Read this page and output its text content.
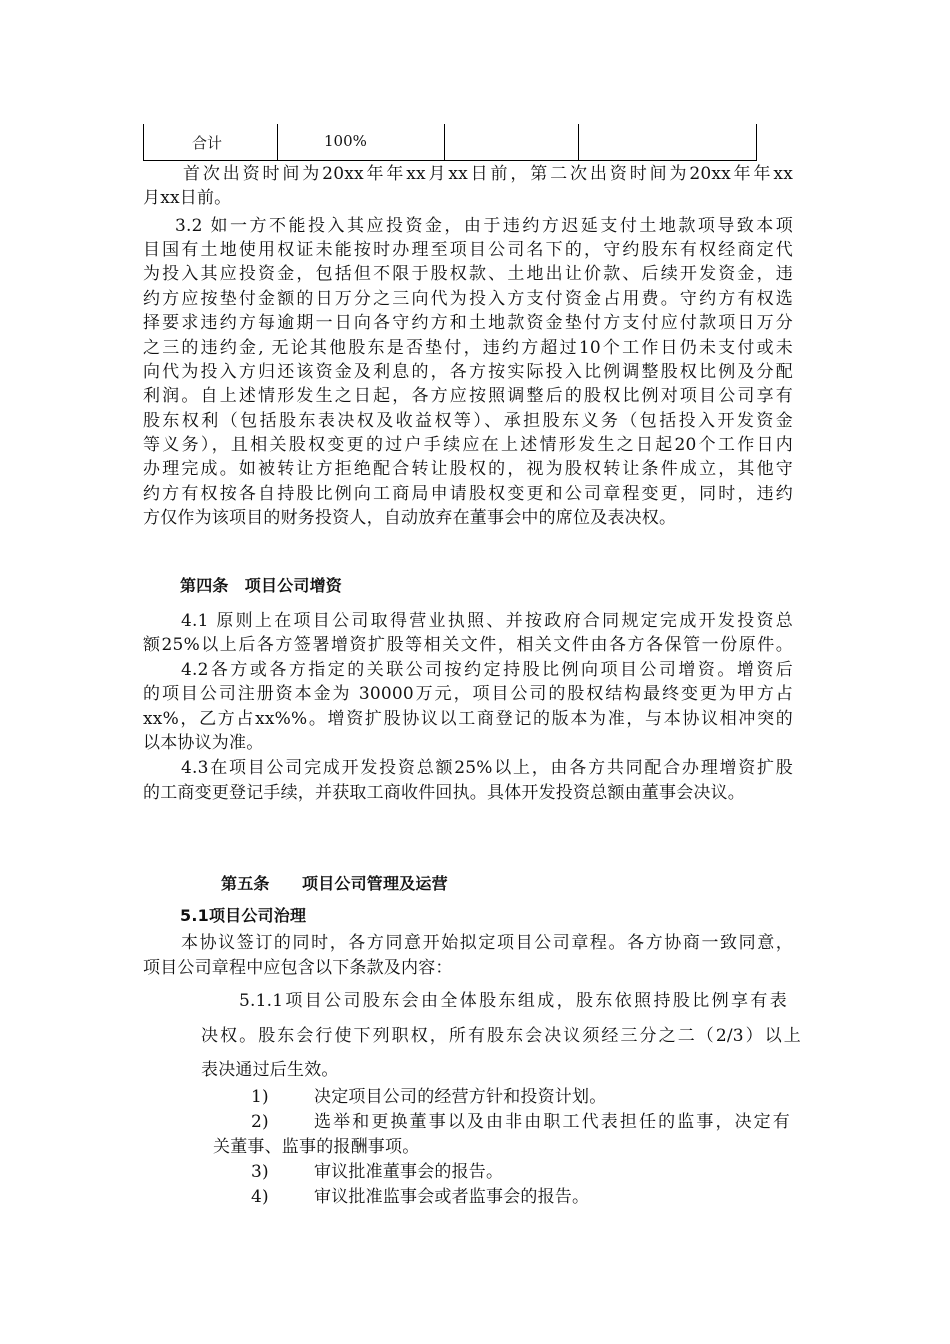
合计	100%
首次出资时间为20xx年年xx月xx日前，第二次出资时间为20xx年年xx
月xx日前。
3.2 如一方不能投入其应投资金，由于违约方迟延支付土地款项导致本项
目国有土地使用权证未能按时办理至项目公司名下的，守约股东有权经商定代
为投入其应投资金，包括但不限于股权款、土地出让价款、后续开发资金，违
约方应按垫付金额的日万分之三向代为投入方支付资金占用费。守约方有权选
择要求违约方每逾期一日向各守约方和土地款资金垫付方支付应付款项日万分
之三的违约金, 无论其他股东是否垫付，违约方超过10个工作日仍未支付或未
向代为投入方归还该资金及利息的，各方按实际投入比例调整股权比例及分配
利润。自上述情形发生之日起，各方应按照调整后的股权比例对项目公司享有
股东权利（包括股东表决权及收益权等）、承担股东义务（包括投入开发资金
等义务），且相关股权变更的过户手续应在上述情形发生之日起20个工作日内
办理完成。如被转让方拒绝配合转让股权的，视为股权转让条件成立，其他守
约方有权按各自持股比例向工商局申请股权变更和公司章程变更，同时，违约
方仅作为该项目的财务投资人，自动放弃在董事会中的席位及表决权。
第四条　项目公司增资
4.1 原则上在项目公司取得营业执照、并按政府合同规定完成开发投资总
额25%以上后各方签署增资扩股等相关文件，相关文件由各方各保管一份原件。
4.2各方或各方指定的关联公司按约定持股比例向项目公司增资。增资后
的项目公司注册资本金为 30000万元，项目公司的股权结构最终变更为甲方占
xx%，乙方占xx%%。增资扩股协议以工商登记的版本为准，与本协议相冲突的
以本协议为准。
4.3在项目公司完成开发投资总额25%以上，由各方共同配合办理增资扩股
的工商变更登记手续，并获取工商收件回执。具体开发投资总额由董事会决议。
第五条　　项目公司管理及运营
5.1项目公司治理
本协议签订的同时，各方同意开始拟定项目公司章程。各方协商一致同意，
项目公司章程中应包含以下条款及内容：
5.1.1项目公司股东会由全体股东组成，股东依照持股比例享有表
决权。股东会行使下列职权，所有股东会决议须经三分之二（2/3）以上
表决通过后生效。
1)	决定项目公司的经营方针和投资计划。
2)	选举和更换董事以及由非由职工代表担任的监事，决定有
关董事、监事的报酬事项。
3)	审议批准董事会的报告。
4)	审议批准监事会或者监事会的报告。
